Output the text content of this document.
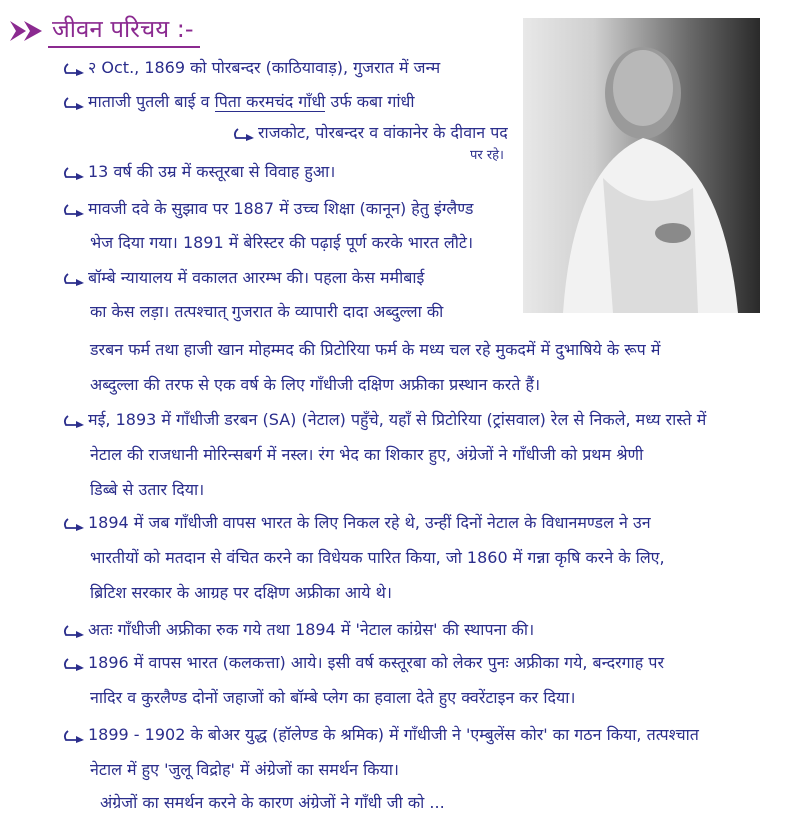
जीवन परिचय :-
२ Oct., 1869 को पोरबन्दर (काठियावाड़), गुजरात में जन्म
माताजी पुतली बाई व पिता करमचंद गाँधी उर्फ कबा गांधी
राजकोट, पोरबन्दर व वांकानेर के दीवान पद
पर रहे।
13 वर्ष की उम्र में कस्तूरबा से विवाह हुआ।
मावजी दवे के सुझाव पर 1887 में उच्च शिक्षा (कानून) हेतु इंग्लैण्ड
भेज दिया गया। 1891 में बेरिस्टर की पढ़ाई पूर्ण करके भारत लौटे।
बॉम्बे न्यायालय में वकालत आरम्भ की। पहला केस ममीबाई
का केस लड़ा। तत्पश्चात् गुजरात के व्यापारी दादा अब्दुल्ला की
डरबन फर्म तथा हाजी खान मोहम्मद की प्रिटोरिया फर्म के मध्य चल रहे मुकदमें में दुभाषिये के रूप में
अब्दुल्ला की तरफ से एक वर्ष के लिए गाँधीजी दक्षिण अफ्रीका प्रस्थान करते हैं।
मई, 1893 में गाँधीजी डरबन (SA) (नेटाल) पहुँचे, यहाँ से प्रिटोरिया (ट्रांसवाल) रेल से निकले, मध्य रास्ते में
नेटाल की राजधानी मोरिन्सबर्ग में नस्ल। रंग भेद का शिकार हुए, अंग्रेजों ने गाँधीजी को प्रथम श्रेणी
डिब्बे से उतार दिया।
1894 में जब गाँधीजी वापस भारत के लिए निकल रहे थे, उन्हीं दिनों नेटाल के विधानमण्डल ने उन
भारतीयों को मतदान से वंचित करने का विधेयक पारित किया, जो 1860 में गन्ना कृषि करने के लिए,
ब्रिटिश सरकार के आग्रह पर दक्षिण अफ्रीका आये थे।
अतः गाँधीजी अफ्रीका रुक गये तथा 1894 में 'नेटाल कांग्रेस' की स्थापना की।
1896 में वापस भारत (कलकत्ता) आये। इसी वर्ष कस्तूरबा को लेकर पुनः अफ्रीका गये, बन्दरगाह पर
नादिर व कुरलैण्ड दोनों जहाजों को बॉम्बे प्लेग का हवाला देते हुए क्वरेंटाइन कर दिया।
1899 - 1902 के बोअर युद्ध (हॉलेण्ड के श्रमिक) में गाँधीजी ने 'एम्बुलेंस कोर' का गठन किया, तत्पश्चात
नेटाल में हुए 'जुलू विद्रोह' में अंग्रेजों का समर्थन किया।
अंग्रेजों का समर्थन करने के कारण अंग्रेजों ने गाँधी जी को ...
